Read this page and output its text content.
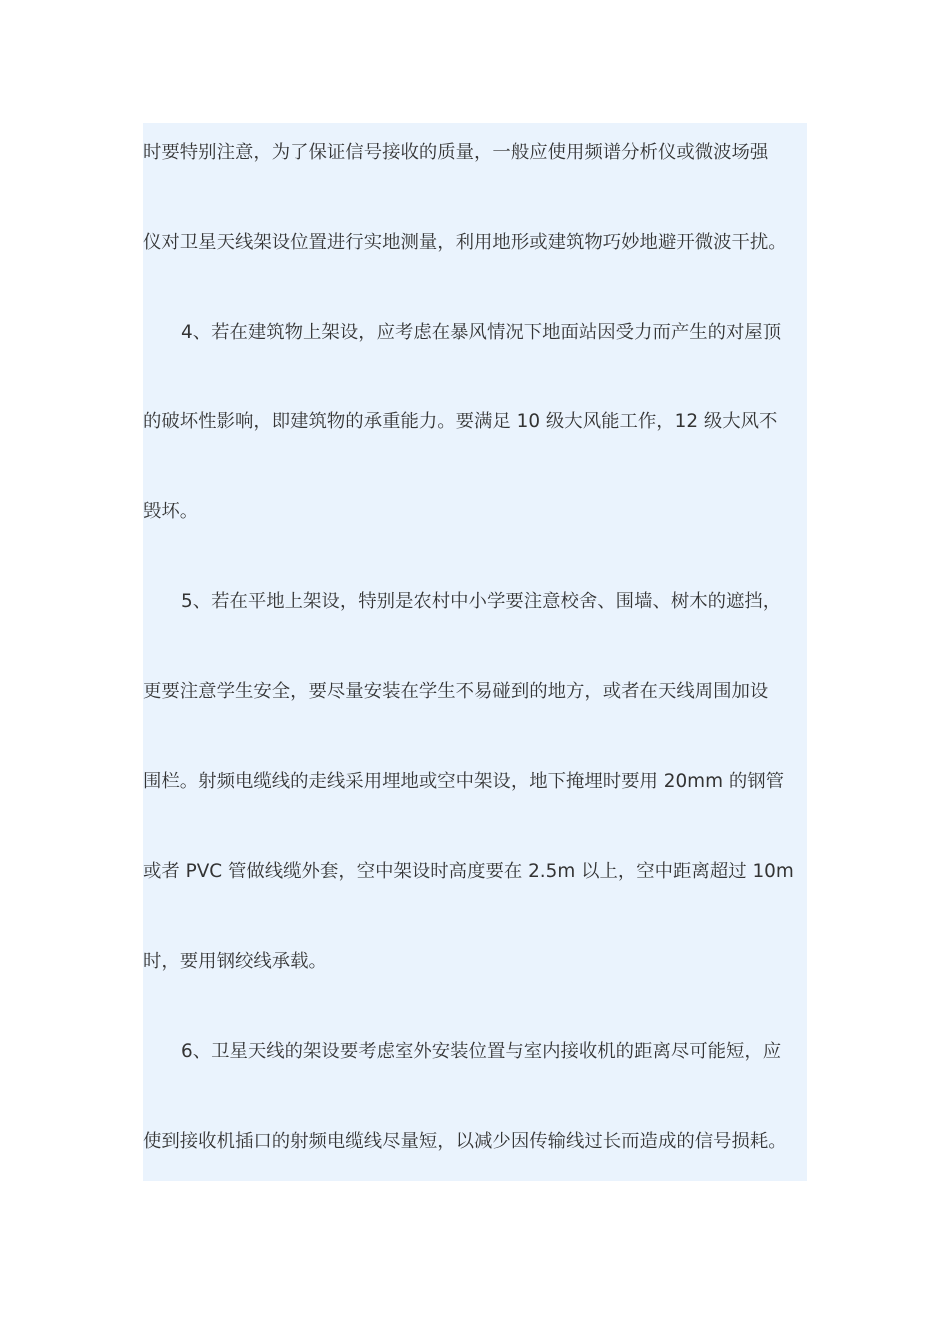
时要特别注意，为了保证信号接收的质量，一般应使用频谱分析仪或微波场强
仪对卫星天线架设位置进行实地测量，利用地形或建筑物巧妙地避开微波干扰。
4、若在建筑物上架设，应考虑在暴风情况下地面站因受力而产生的对屋顶
的破坏性影响，即建筑物的承重能力。要满足 10 级大风能工作，12 级大风不
毁坏。
5、若在平地上架设，特别是农村中小学要注意校舍、围墙、树木的遮挡，
更要注意学生安全，要尽量安装在学生不易碰到的地方，或者在天线周围加设
围栏。射频电缆线的走线采用埋地或空中架设，地下掩埋时要用 20mm 的钢管
或者 PVC 管做线缆外套，空中架设时高度要在 2.5m 以上，空中距离超过 10m
时，要用钢绞线承载。
6、卫星天线的架设要考虑室外安装位置与室内接收机的距离尽可能短，应
使到接收机插口的射频电缆线尽量短，以减少因传输线过长而造成的信号损耗。
